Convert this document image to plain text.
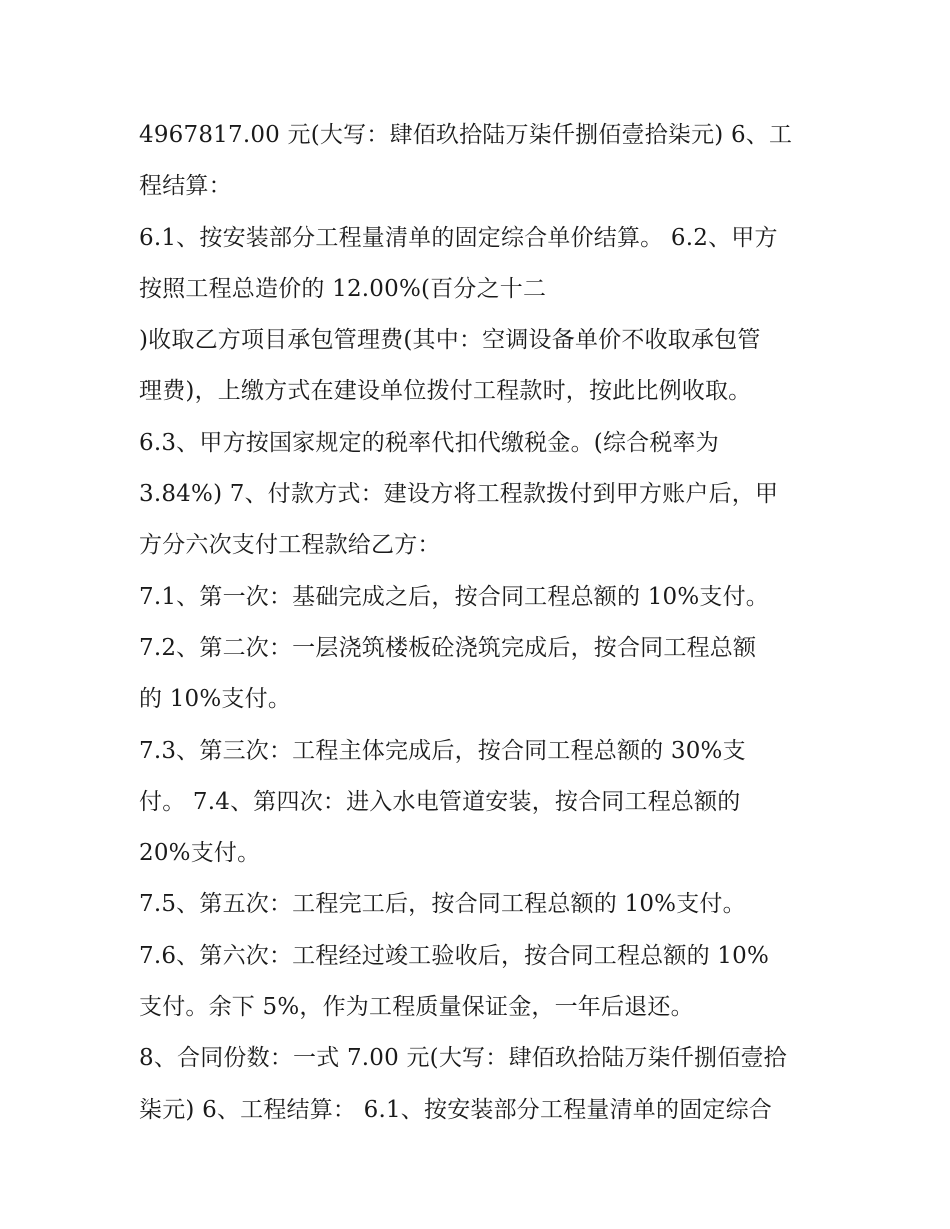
4967817.00 元(大写：肆佰玖拾陆万柒仟捌佰壹拾柒元) 6、工
程结算：
6.1、按安装部分工程量清单的固定综合单价结算。 6.2、甲方
按照工程总造价的 12.00%(百分之十二
)收取乙方项目承包管理费(其中：空调设备单价不收取承包管
理费)，上缴方式在建设单位拨付工程款时，按此比例收取。
6.3、甲方按国家规定的税率代扣代缴税金。(综合税率为
3.84%) 7、付款方式：建设方将工程款拨付到甲方账户后，甲
方分六次支付工程款给乙方：
7.1、第一次：基础完成之后，按合同工程总额的 10%支付。
7.2、第二次：一层浇筑楼板砼浇筑完成后，按合同工程总额
的 10%支付。
7.3、第三次：工程主体完成后，按合同工程总额的 30%支
付。 7.4、第四次：进入水电管道安装，按合同工程总额的
20%支付。
7.5、第五次：工程完工后，按合同工程总额的 10%支付。
7.6、第六次：工程经过竣工验收后，按合同工程总额的 10%
支付。余下 5%，作为工程质量保证金，一年后退还。
8、合同份数：一式 7.00 元(大写：肆佰玖拾陆万柒仟捌佰壹拾
柒元) 6、工程结算： 6.1、按安装部分工程量清单的固定综合
